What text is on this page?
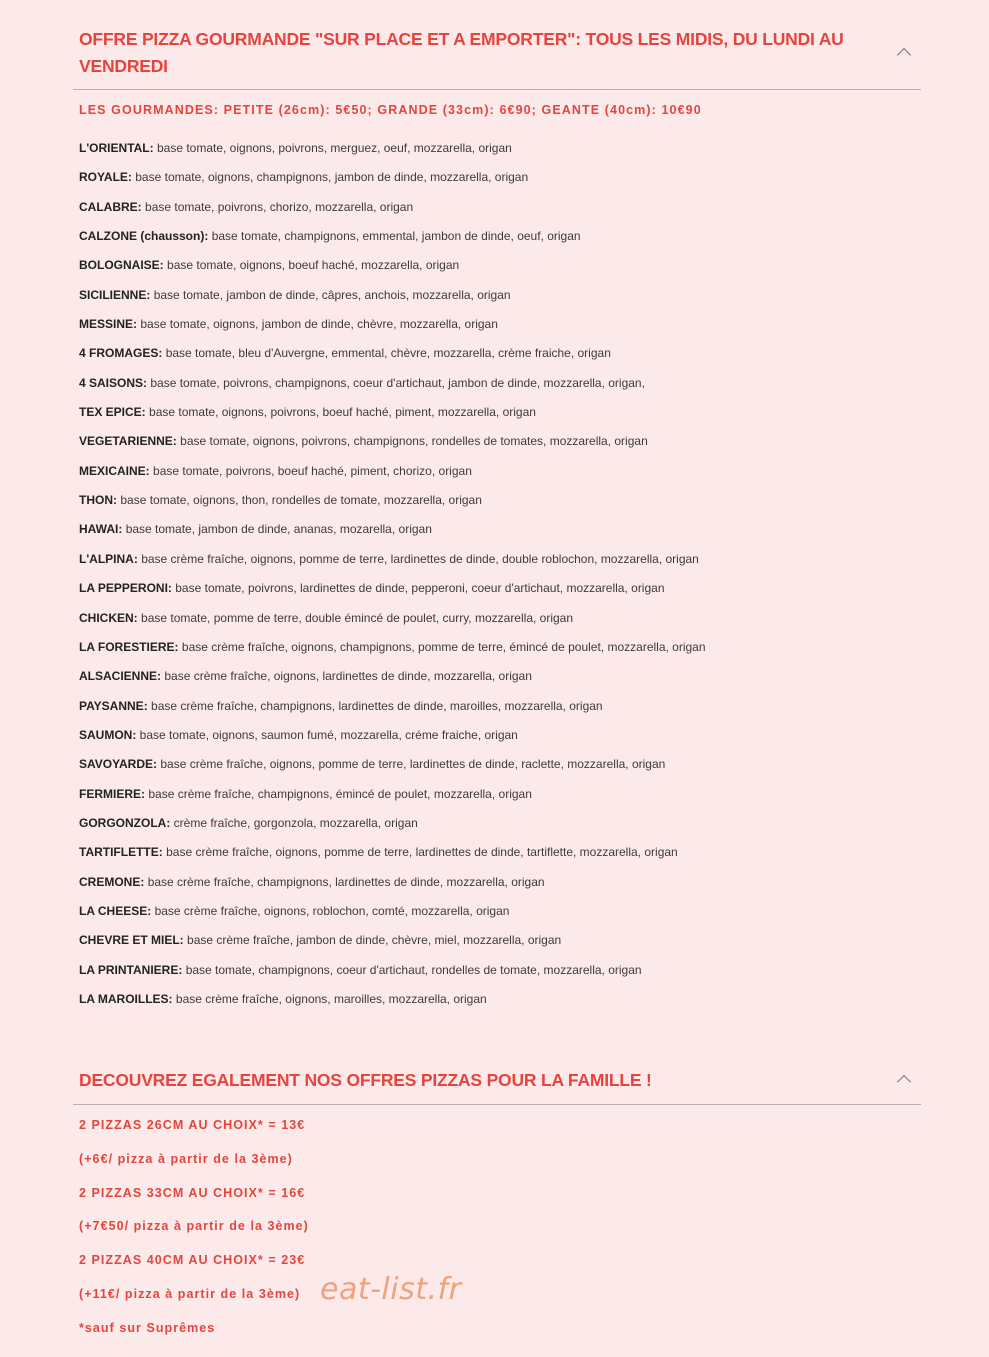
OFFRE PIZZA GOURMANDE "SUR PLACE ET A EMPORTER": TOUS LES MIDIS, DU LUNDI AU VENDREDI

LES GOURMANDES: PETITE (26cm): 5€50; GRANDE (33cm): 6€90; GEANTE (40cm): 10€90

L'ORIENTAL: base tomate, oignons, poivrons, merguez, oeuf, mozzarella, origan
ROYALE: base tomate, oignons, champignons, jambon de dinde, mozzarella, origan
CALABRE: base tomate, poivrons, chorizo, mozzarella, origan
CALZONE (chausson): base tomate, champignons, emmental, jambon de dinde, oeuf, origan
BOLOGNAISE: base tomate, oignons, boeuf haché, mozzarella, origan
SICILIENNE: base tomate, jambon de dinde, câpres, anchois, mozzarella, origan
MESSINE: base tomate, oignons, jambon de dinde, chèvre, mozzarella, origan
4 FROMAGES: base tomate, bleu d'Auvergne, emmental, chèvre, mozzarella, crème fraiche, origan
4 SAISONS: base tomate, poivrons, champignons, coeur d'artichaut, jambon de dinde, mozzarella, origan,
TEX EPICE: base tomate, oignons, poivrons, boeuf haché, piment, mozzarella, origan
VEGETARIENNE: base tomate, oignons, poivrons, champignons, rondelles de tomates, mozzarella, origan
MEXICAINE: base tomate, poivrons, boeuf haché, piment, chorizo, origan
THON: base tomate, oignons, thon, rondelles de tomate, mozzarella, origan
HAWAI: base tomate, jambon de dinde, ananas, mozarella, origan
L'ALPINA: base crème fraîche, oignons, pomme de terre, lardinettes de dinde, double roblochon, mozzarella, origan
LA PEPPERONI: base tomate, poivrons, lardinettes de dinde, pepperoni, coeur d'artichaut, mozzarella, origan
CHICKEN: base tomate, pomme de terre, double émincé de poulet, curry, mozzarella, origan
LA FORESTIERE: base crème fraîche, oignons, champignons, pomme de terre, émincé de poulet, mozzarella, origan
ALSACIENNE: base crème fraîche, oignons, lardinettes de dinde, mozzarella, origan
PAYSANNE: base crème fraîche, champignons, lardinettes de dinde, maroilles, mozzarella, origan
SAUMON: base tomate, oignons, saumon fumé, mozzarella, créme fraiche, origan
SAVOYARDE: base crème fraîche, oignons, pomme de terre, lardinettes de dinde, raclette, mozzarella, origan
FERMIERE: base crème fraîche, champignons, émincé de poulet, mozzarella, origan
GORGONZOLA: crème fraîche, gorgonzola, mozzarella, origan
TARTIFLETTE: base crème fraîche, oignons, pomme de terre, lardinettes de dinde, tartiflette, mozzarella, origan
CREMONE: base crème fraîche, champignons, lardinettes de dinde, mozzarella, origan
LA CHEESE: base crème fraîche, oignons, roblochon, comté, mozzarella, origan
CHEVRE ET MIEL: base crème fraîche, jambon de dinde, chèvre, miel, mozzarella, origan
LA PRINTANIERE: base tomate, champignons, coeur d'artichaut, rondelles de tomate, mozzarella, origan
LA MAROILLES: base crème fraîche, oignons, maroilles, mozzarella, origan
DECOUVREZ EGALEMENT NOS OFFRES PIZZAS POUR LA FAMILLE !
2 PIZZAS 26CM AU CHOIX* = 13€
(+6€/ pizza à partir de la 3ème)
2 PIZZAS 33CM AU CHOIX* = 16€
(+7€50/ pizza à partir de la 3ème)
2 PIZZAS 40CM AU CHOIX* = 23€
(+11€/ pizza à partir de la 3ème)
*sauf sur Suprêmes
eat-list.fr
